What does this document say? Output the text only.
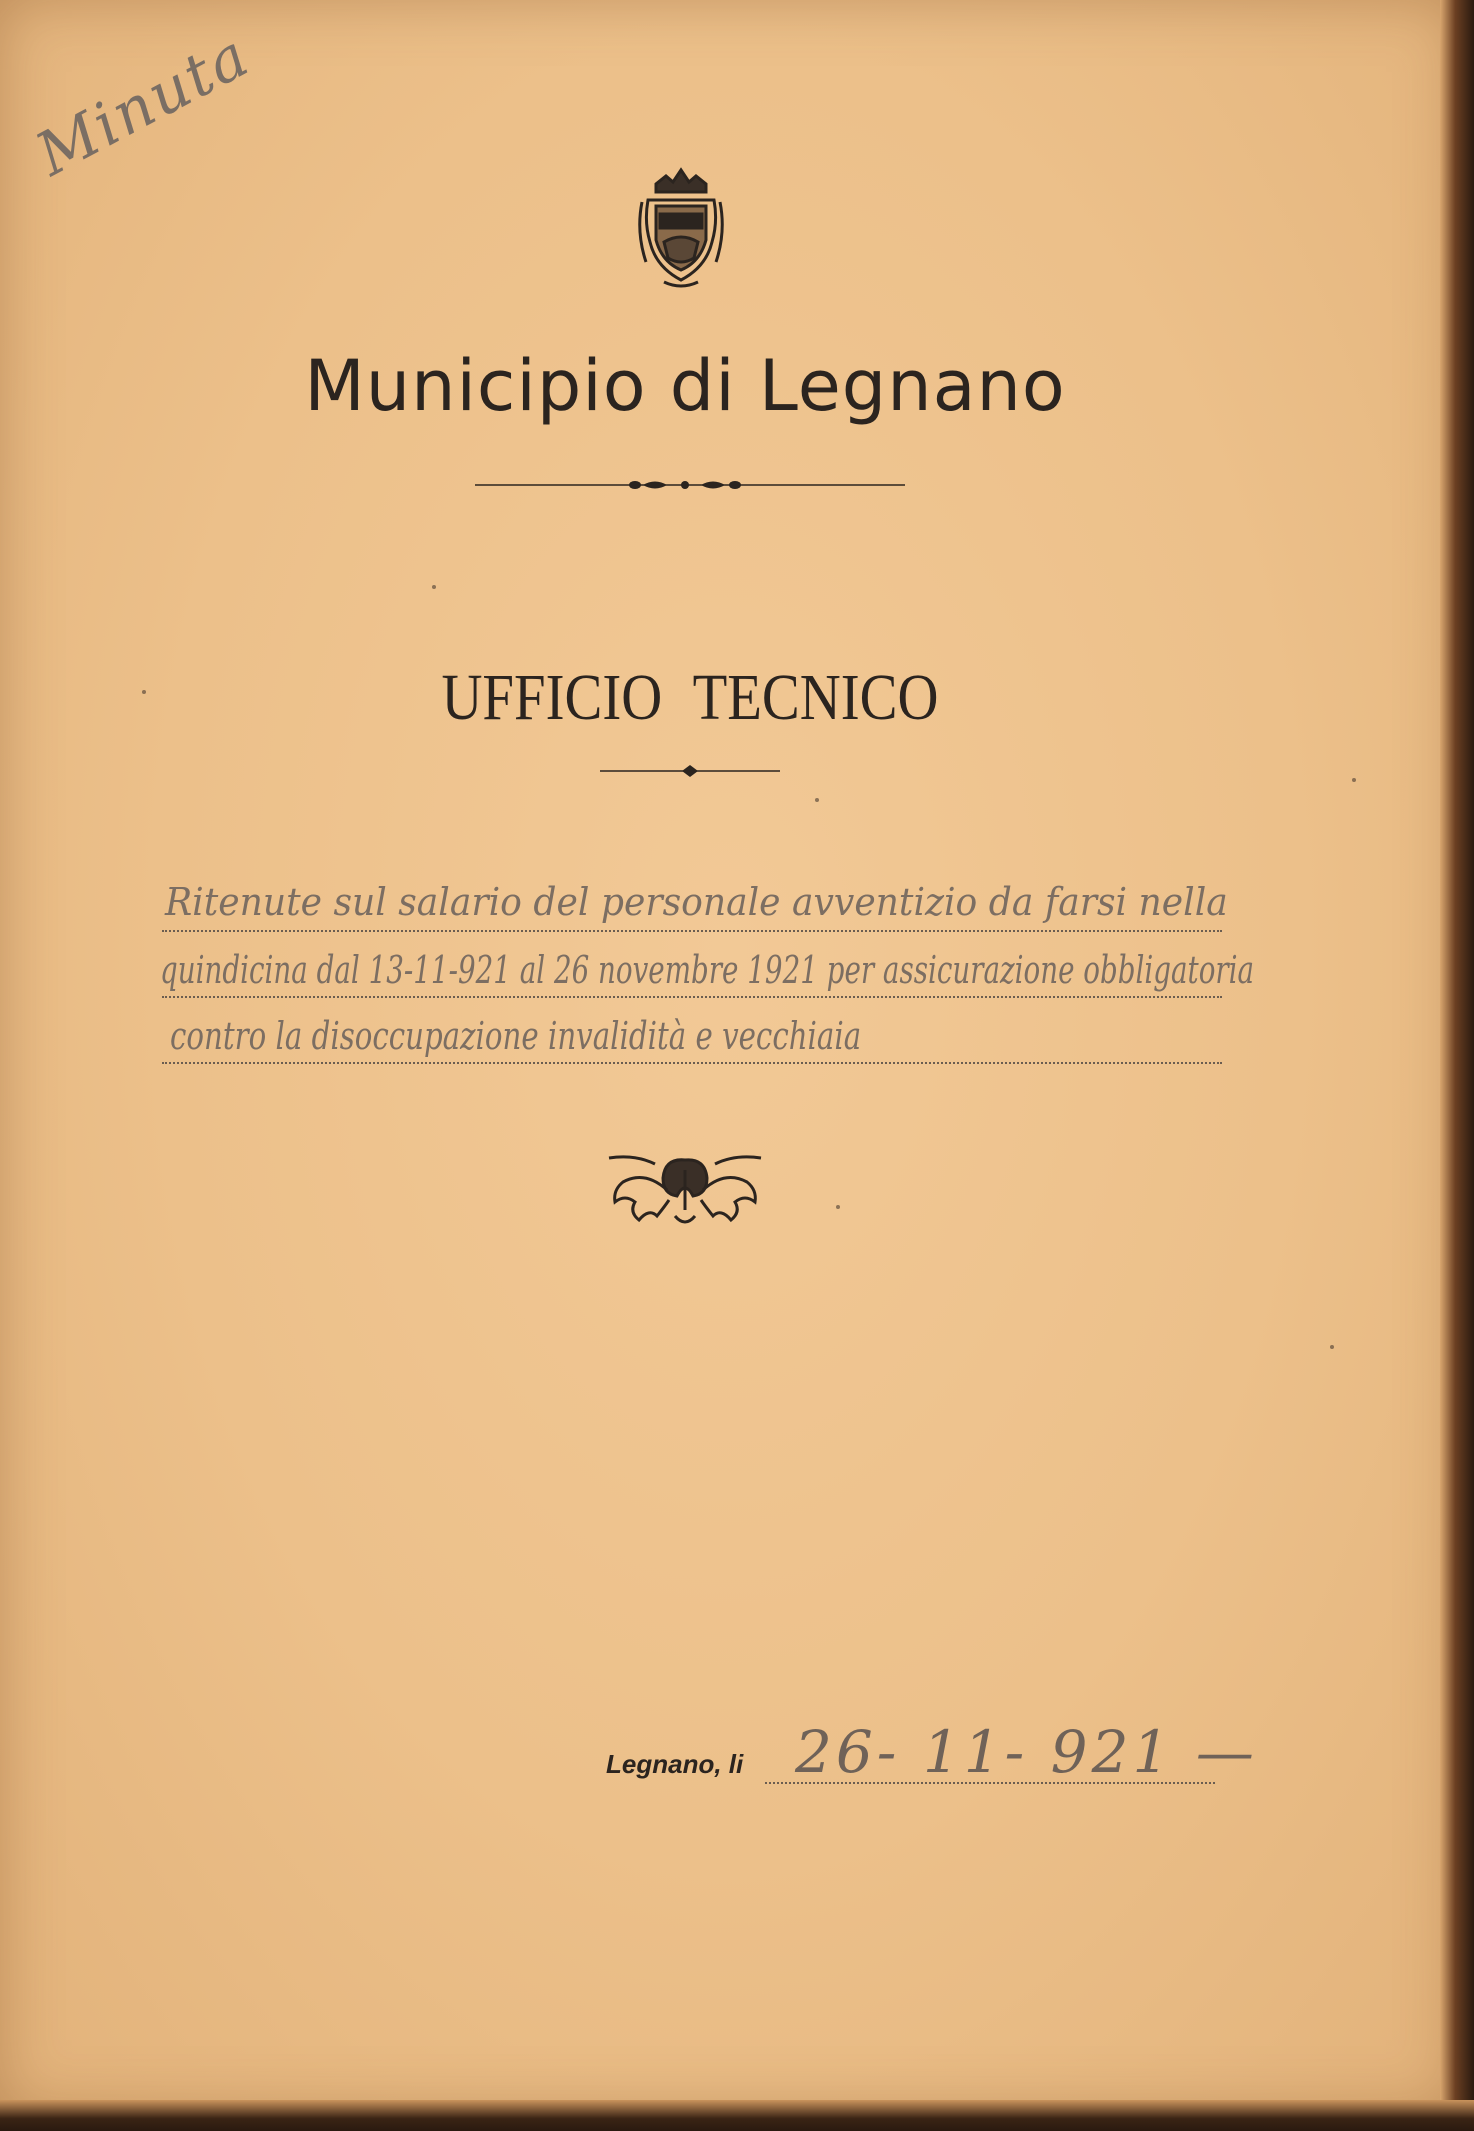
Minuta
Municipio di Legnano
UFFICIO TECNICO
Ritenute sul salario del personale avventizio da farsi nella
quindicina dal 13-11-921 al 26 novembre 1921 per assicurazione obbligatoria
contro la disoccupazione invalidità e vecchiaia
Legnano, li 26- 11- 921 —
